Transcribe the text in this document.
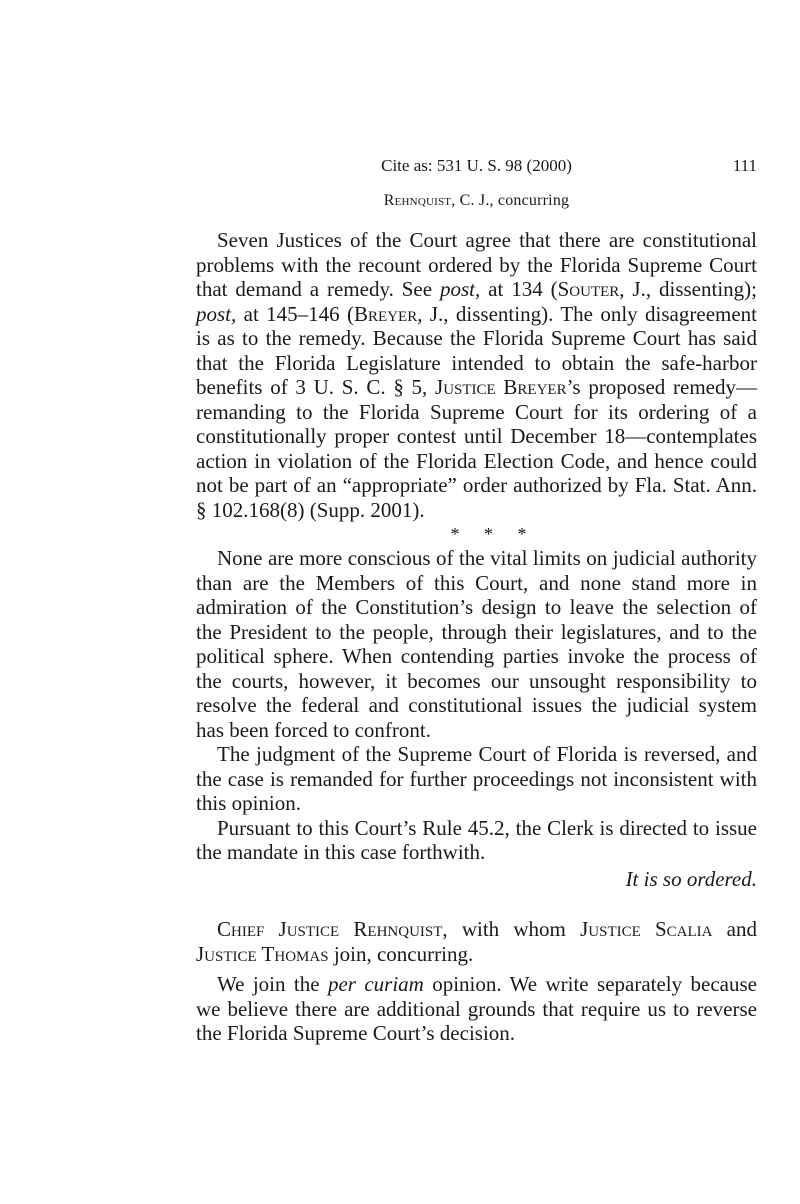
Cite as: 531 U. S. 98 (2000)	111
Rehnquist, C. J., concurring

Seven Justices of the Court agree that there are constitutional problems with the recount ordered by the Florida Supreme Court that demand a remedy. See post, at 134 (Souter, J., dissenting); post, at 145–146 (Breyer, J., dissenting). The only disagreement is as to the remedy. Because the Florida Supreme Court has said that the Florida Legislature intended to obtain the safe-harbor benefits of 3 U. S. C. § 5, Justice Breyer’s proposed remedy—remanding to the Florida Supreme Court for its ordering of a constitutionally proper contest until December 18—contemplates action in violation of the Florida Election Code, and hence could not be part of an “appropriate” order authorized by Fla. Stat. Ann. § 102.168(8) (Supp. 2001).

* * *

None are more conscious of the vital limits on judicial authority than are the Members of this Court, and none stand more in admiration of the Constitution’s design to leave the selection of the President to the people, through their legislatures, and to the political sphere. When contending parties invoke the process of the courts, however, it becomes our unsought responsibility to resolve the federal and constitutional issues the judicial system has been forced to confront.

The judgment of the Supreme Court of Florida is reversed, and the case is remanded for further proceedings not inconsistent with this opinion.

Pursuant to this Court’s Rule 45.2, the Clerk is directed to issue the mandate in this case forthwith.

It is so ordered.

Chief Justice Rehnquist, with whom Justice Scalia and Justice Thomas join, concurring.

We join the per curiam opinion. We write separately because we believe there are additional grounds that require us to reverse the Florida Supreme Court’s decision.
